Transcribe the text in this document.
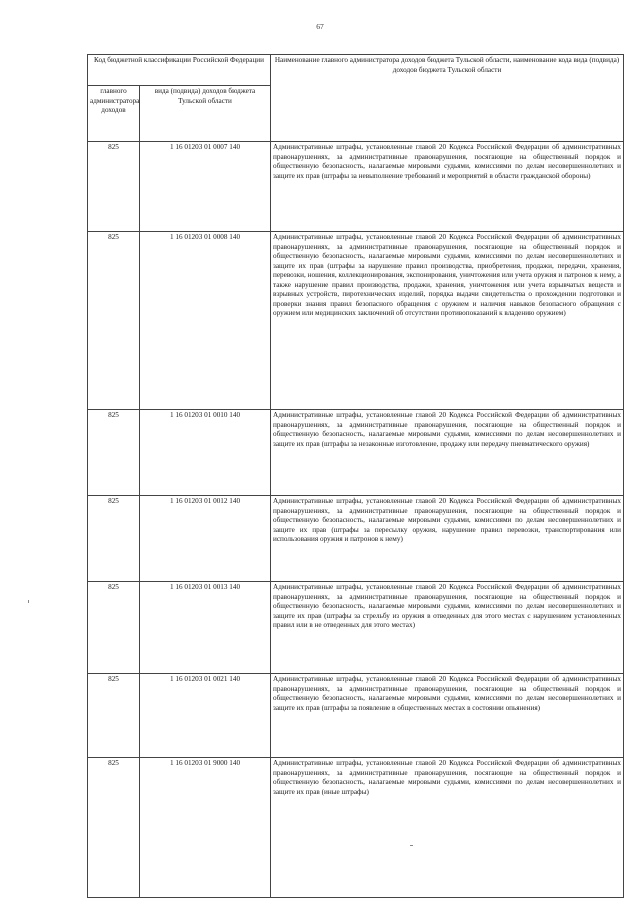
67
Код бюджетной классификации Российской Федерации		Наименование главного администратора доходов бюджета Тульской области, наименование кода вида (подвида) доходов бюджета Тульской области
главного администратора доходов	вида (подвида) доходов бюджета Тульской области	
825	1 16 01203 01 0007 140	Административные штрафы, установленные главой 20 Кодекса Российской Федерации об административных правонарушениях, за административные правонарушения, посягающие на общественный порядок и общественную безопасность, налагаемые мировыми судьями, комиссиями по делам несовершеннолетних и защите их прав (штрафы за невыполнение требований и мероприятий в области гражданской обороны)
825	1 16 01203 01 0008 140	Административные штрафы, установленные главой 20 Кодекса Российской Федерации об административных правонарушениях, за административные правонарушения, посягающие на общественный порядок и общественную безопасность, налагаемые мировыми судьями, комиссиями по делам несовершеннолетних и защите их прав (штрафы за нарушение правил производства, приобретения, продажи, передачи, хранения, перевозки, ношения, коллекционирования, экспонирования, уничтожения или учета оружия и патронов к нему, а также нарушение правил производства, продажи, хранения, уничтожения или учета взрывчатых веществ и взрывных устройств, пиротехнических изделий, порядка выдачи свидетельства о прохождении подготовки и проверки знания правил безопасного обращения с оружием и наличия навыков безопасного обращения с оружием или медицинских заключений об отсутствии противопоказаний к владению оружием)
825	1 16 01203 01 0010 140	Административные штрафы, установленные главой 20 Кодекса Российской Федерации об административных правонарушениях, за административные правонарушения, посягающие на общественный порядок и общественную безопасность, налагаемые мировыми судьями, комиссиями по делам несовершеннолетних и защите их прав (штрафы за незаконные изготовление, продажу или передачу пневматического оружия)
825	1 16 01203 01 0012 140	Административные штрафы, установленные главой 20 Кодекса Российской Федерации об административных правонарушениях, за административные правонарушения, посягающие на общественный порядок и общественную безопасность, налагаемые мировыми судьями, комиссиями по делам несовершеннолетних и защите их прав (штрафы за пересылку оружия, нарушение правил перевозки, транспортирования или использования оружия и патронов к нему)
825	1 16 01203 01 0013 140	Административные штрафы, установленные главой 20 Кодекса Российской Федерации об административных правонарушениях, за административные правонарушения, посягающие на общественный порядок и общественную безопасность, налагаемые мировыми судьями, комиссиями по делам несовершеннолетних и защите их прав (штрафы за стрельбу из оружия в отведенных для этого местах с нарушением установленных правил или в не отведенных для этого местах)
825	1 16 01203 01 0021 140	Административные штрафы, установленные главой 20 Кодекса Российской Федерации об административных правонарушениях, за административные правонарушения, посягающие на общественный порядок и общественную безопасность, налагаемые мировыми судьями, комиссиями по делам несовершеннолетних и защите их прав (штрафы за появление в общественных местах в состоянии опьянения)
825	1 16 01203 01 9000 140	Административные штрафы, установленные главой 20 Кодекса Российской Федерации об административных правонарушениях, за административные правонарушения, посягающие на общественный порядок и общественную безопасность, налагаемые мировыми судьями, комиссиями по делам несовершеннолетних и защите их прав (иные штрафы)
